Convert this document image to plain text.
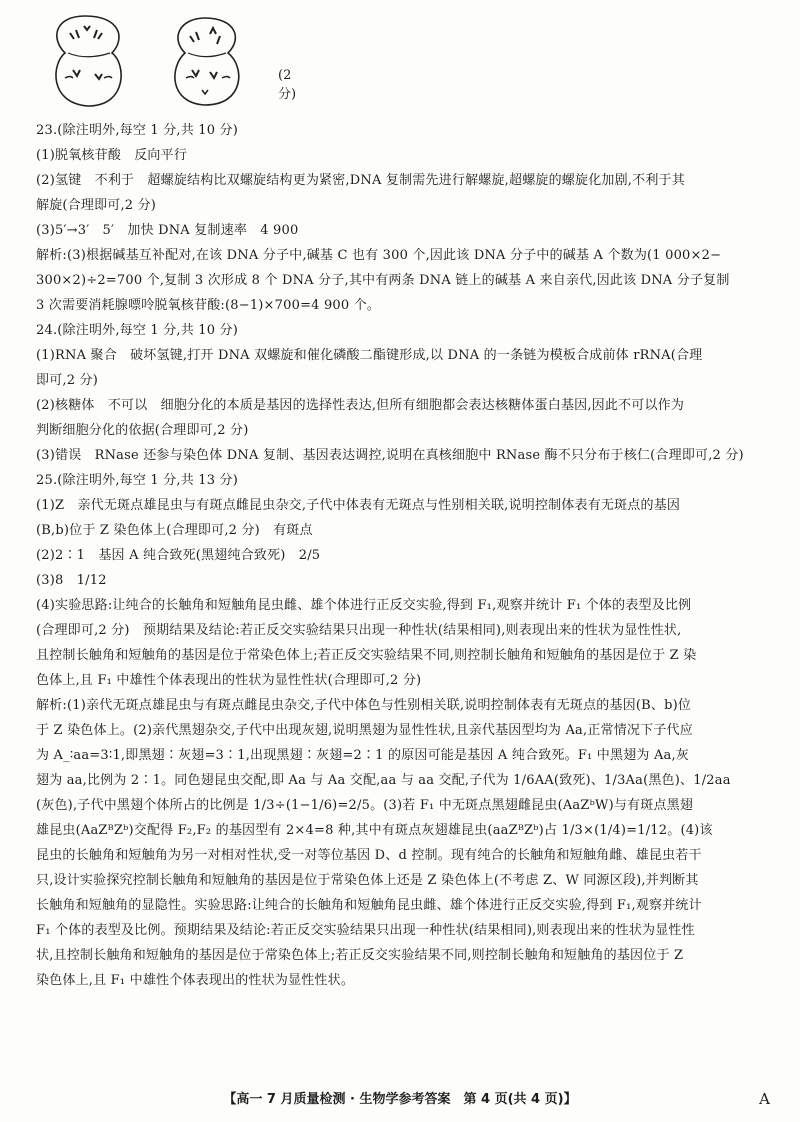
(2 分)
23.(除注明外,每空 1 分,共 10 分)
(1)脱氧核苷酸　反向平行
(2)氢键　不利于　超螺旋结构比双螺旋结构更为紧密,DNA 复制需先进行解螺旋,超螺旋的螺旋化加剧,不利于其
解旋(合理即可,2 分)
(3)5′→3′　5′　加快 DNA 复制速率　4 900
解析:(3)根据碱基互补配对,在该 DNA 分子中,碱基 C 也有 300 个,因此该 DNA 分子中的碱基 A 个数为(1 000×2−
300×2)÷2=700 个,复制 3 次形成 8 个 DNA 分子,其中有两条 DNA 链上的碱基 A 来自亲代,因此该 DNA 分子复制
3 次需要消耗腺嘌呤脱氧核苷酸:(8−1)×700=4 900 个。
24.(除注明外,每空 1 分,共 10 分)
(1)RNA 聚合　破坏氢键,打开 DNA 双螺旋和催化磷酸二酯键形成,以 DNA 的一条链为模板合成前体 rRNA(合理
即可,2 分)
(2)核糖体　不可以　细胞分化的本质是基因的选择性表达,但所有细胞都会表达核糖体蛋白基因,因此不可以作为
判断细胞分化的依据(合理即可,2 分)
(3)错误　RNase 还参与染色体 DNA 复制、基因表达调控,说明在真核细胞中 RNase 酶不只分布于核仁(合理即可,2 分)
25.(除注明外,每空 1 分,共 13 分)
(1)Z　亲代无斑点雄昆虫与有斑点雌昆虫杂交,子代中体表有无斑点与性别相关联,说明控制体表有无斑点的基因
(B,b)位于 Z 染色体上(合理即可,2 分)　有斑点
(2)2∶1　基因 A 纯合致死(黑翅纯合致死)　2/5
(3)8　1/12
(4)实验思路:让纯合的长触角和短触角昆虫雌、雄个体进行正反交实验,得到 F₁,观察并统计 F₁ 个体的表型及比例
(合理即可,2 分)　预期结果及结论:若正反交实验结果只出现一种性状(结果相同),则表现出来的性状为显性性状,
且控制长触角和短触角的基因是位于常染色体上;若正反交实验结果不同,则控制长触角和短触角的基因是位于 Z 染
色体上,且 F₁ 中雄性个体表现出的性状为显性性状(合理即可,2 分)
解析:(1)亲代无斑点雄昆虫与有斑点雌昆虫杂交,子代中体色与性别相关联,说明控制体表有无斑点的基因(B、b)位
于 Z 染色体上。(2)亲代黑翅杂交,子代中出现灰翅,说明黑翅为显性性状,且亲代基因型均为 Aa,正常情况下子代应
为 A_∶aa=3∶1,即黑翅∶灰翅=3∶1,出现黑翅∶灰翅=2∶1 的原因可能是基因 A 纯合致死。F₁ 中黑翅为 Aa,灰
翅为 aa,比例为 2∶1。同色翅昆虫交配,即 Aa 与 Aa 交配,aa 与 aa 交配,子代为 1/6AA(致死)、1/3Aa(黑色)、1/2aa
(灰色),子代中黑翅个体所占的比例是 1/3÷(1−1/6)=2/5。(3)若 F₁ 中无斑点黑翅雌昆虫(AaZᵇW)与有斑点黑翅
雄昆虫(AaZᴮZᵇ)交配得 F₂,F₂ 的基因型有 2×4=8 种,其中有斑点灰翅雄昆虫(aaZᴮZᵇ)占 1/3×(1/4)=1/12。(4)该
昆虫的长触角和短触角为另一对相对性状,受一对等位基因 D、d 控制。现有纯合的长触角和短触角雌、雄昆虫若干
只,设计实验探究控制长触角和短触角的基因是位于常染色体上还是 Z 染色体上(不考虑 Z、W 同源区段),并判断其
长触角和短触角的显隐性。实验思路:让纯合的长触角和短触角昆虫雌、雄个体进行正反交实验,得到 F₁,观察并统计
F₁ 个体的表型及比例。预期结果及结论:若正反交实验结果只出现一种性状(结果相同),则表现出来的性状为显性性
状,且控制长触角和短触角的基因是位于常染色体上;若正反交实验结果不同,则控制长触角和短触角的基因位于 Z
染色体上,且 F₁ 中雄性个体表现出的性状为显性性状。
【高一 7 月质量检测 · 生物学参考答案　第 4 页(共 4 页)】	A
